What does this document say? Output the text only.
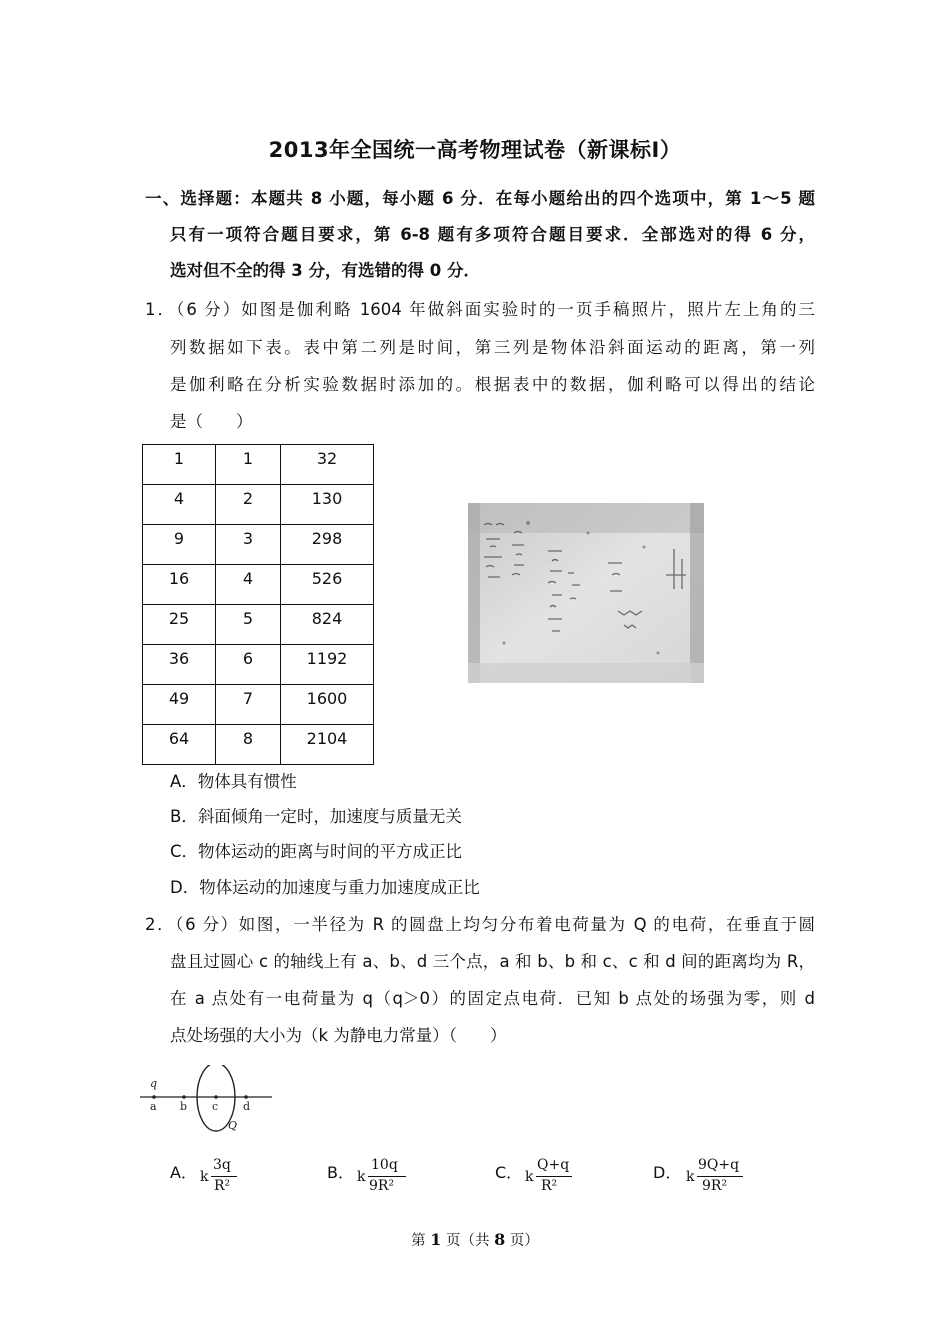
2013年全国统一高考物理试卷（新课标Ⅰ）
一、选择题：本题共 8 小题，每小题 6 分．在每小题给出的四个选项中，第 1～5 题
只有一项符合题目要求，第 6-8 题有多项符合题目要求．全部选对的得 6 分，
选对但不全的得 3 分，有选错的得 0 分．
1．（6 分）如图是伽利略 1604 年做斜面实验时的一页手稿照片，照片左上角的三
列数据如下表。表中第二列是时间，第三列是物体沿斜面运动的距离，第一列
是伽利略在分析实验数据时添加的。根据表中的数据，伽利略可以得出的结论
是（　　）
1	1	32
4	2	130
9	3	298
16	4	526
25	5	824
36	6	1192
49	7	1600
64	8	2104
A．物体具有惯性
B．斜面倾角一定时，加速度与质量无关
C．物体运动的距离与时间的平方成正比
D．物体运动的加速度与重力加速度成正比
2．（6 分）如图，一半径为 R 的圆盘上均匀分布着电荷量为 Q 的电荷，在垂直于圆
盘且过圆心 c 的轴线上有 a、b、d 三个点，a 和 b、b 和 c、c 和 d 间的距离均为 R，
在 a 点处有一电荷量为 q（q＞0）的固定点电荷．已知 b 点处的场强为零，则 d
点处场强的大小为（k 为静电力常量）（　　）
q
a b c d
Q
A． k
3q
R²
B． k
10q
9R²
C． k
Q+q
R²
D． k
9Q+q
9R²
第 1 页（共 8 页）
